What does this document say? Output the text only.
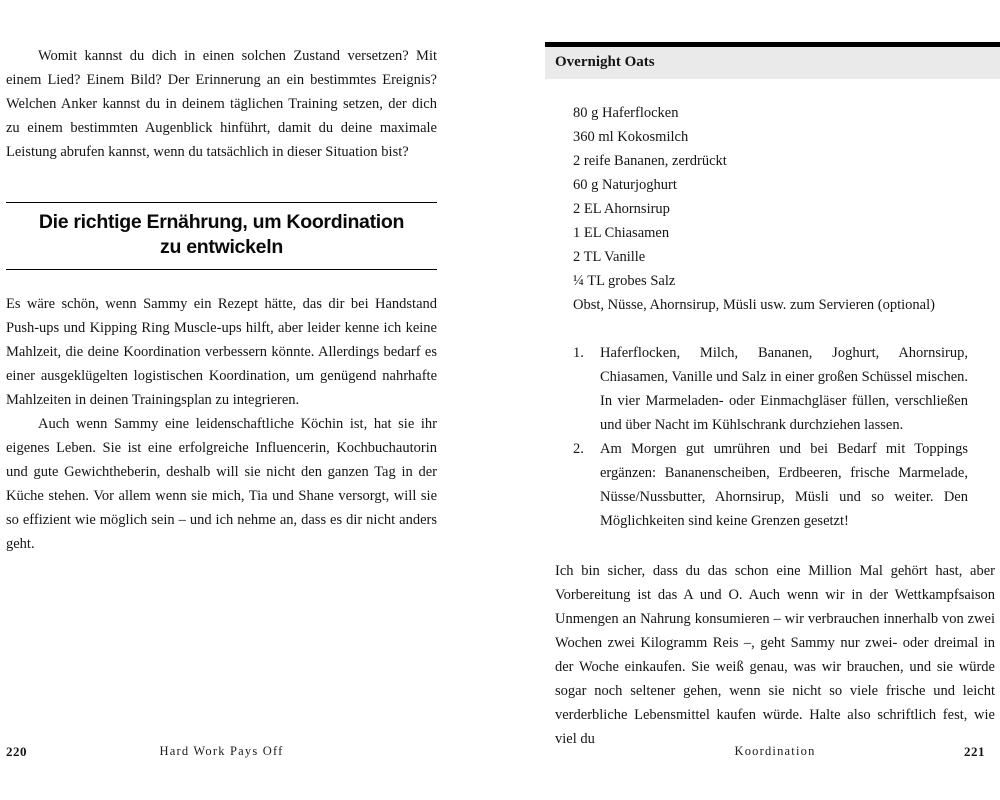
Womit kannst du dich in einen solchen Zustand versetzen? Mit einem Lied? Einem Bild? Der Erinnerung an ein bestimmtes Ereignis? Welchen Anker kannst du in deinem täglichen Training setzen, der dich zu einem bestimmten Augenblick hinführt, damit du deine maximale Leistung abrufen kannst, wenn du tatsächlich in dieser Situation bist?

Die richtige Ernährung, um Koordination
zu entwickeln

Es wäre schön, wenn Sammy ein Rezept hätte, das dir bei Handstand Push-ups und Kipping Ring Muscle-ups hilft, aber leider kenne ich keine Mahlzeit, die deine Koordination verbessern könnte. Allerdings bedarf es einer ausgeklügelten logistischen Koordination, um genügend nahrhafte Mahlzeiten in deinen Trainingsplan zu integrieren.

Auch wenn Sammy eine leidenschaftliche Köchin ist, hat sie ihr eigenes Leben. Sie ist eine erfolgreiche Influencerin, Kochbuchautorin und gute Gewichtheberin, deshalb will sie nicht den ganzen Tag in der Küche stehen. Vor allem wenn sie mich, Tia und Shane versorgt, will sie so effizient wie möglich sein – und ich nehme an, dass es dir nicht anders geht.

220	Hard Work Pays Off
Overnight Oats
80 g Haferflocken
360 ml Kokosmilch
2 reife Bananen, zerdrückt
60 g Naturjoghurt
2 EL Ahornsirup
1 EL Chiasamen
2 TL Vanille
¼ TL grobes Salz
Obst, Nüsse, Ahornsirup, Müsli usw. zum Servieren (optional)
1. Haferflocken, Milch, Bananen, Joghurt, Ahornsirup, Chiasamen, Vanille und Salz in einer großen Schüssel mischen. In vier Marmeladen- oder Einmachgläser füllen, verschließen und über Nacht im Kühlschrank durchziehen lassen.
2. Am Morgen gut umrühren und bei Bedarf mit Toppings ergänzen: Bananenscheiben, Erdbeeren, frische Marmelade, Nüsse/Nussbutter, Ahornsirup, Müsli und so weiter. Den Möglichkeiten sind keine Grenzen gesetzt!

Ich bin sicher, dass du das schon eine Million Mal gehört hast, aber Vorbereitung ist das A und O. Auch wenn wir in der Wettkampfsaison Unmengen an Nahrung konsumieren – wir verbrauchen innerhalb von zwei Wochen zwei Kilogramm Reis –, geht Sammy nur zwei- oder dreimal in der Woche einkaufen. Sie weiß genau, was wir brauchen, und sie würde sogar noch seltener gehen, wenn sie nicht so viele frische und leicht verderbliche Lebensmittel kaufen würde. Halte also schriftlich fest, wie viel du

Koordination	221
